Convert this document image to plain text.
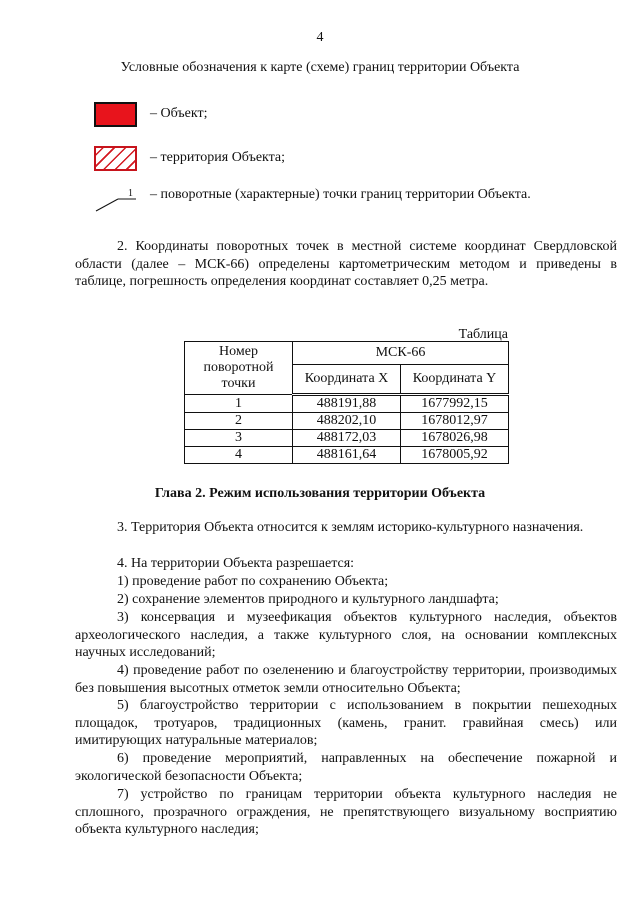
4
Условные обозначения к карте (схеме) границ территории Объекта
– Объект;
– территория Объекта;
1 – поворотные (характерные) точки границ территории Объекта.
2. Координаты поворотных точек в местной системе координат Свердловской области (далее – МСК-66) определены картометрическим методом и приведены в таблице, погрешность определения координат составляет 0,25 метра.
Таблица
Номер поворотной точки	МСК-66	
	Координата X	Координата Y
1	488191,88	1677992,15
2	488202,10	1678012,97
3	488172,03	1678026,98
4	488161,64	1678005,92
Глава 2. Режим использования территории Объекта
3. Территория Объекта относится к землям историко-культурного назначения.
4. На территории Объекта разрешается:
1) проведение работ по сохранению Объекта;
2) сохранение элементов природного и культурного ландшафта;
3) консервация и музеефикация объектов культурного наследия, объектов археологического наследия, а также культурного слоя, на основании комплексных научных исследований;
4) проведение работ по озеленению и благоустройству территории, производимых без повышения высотных отметок земли относительно Объекта;
5) благоустройство территории с использованием в покрытии пешеходных площадок, тротуаров, традиционных (камень, гранит. гравийная смесь) или имитирующих натуральные материалов;
6) проведение мероприятий, направленных на обеспечение пожарной и экологической безопасности Объекта;
7) устройство по границам территории объекта культурного наследия не сплошного, прозрачного ограждения, не препятствующего визуальному восприятию объекта культурного наследия;
